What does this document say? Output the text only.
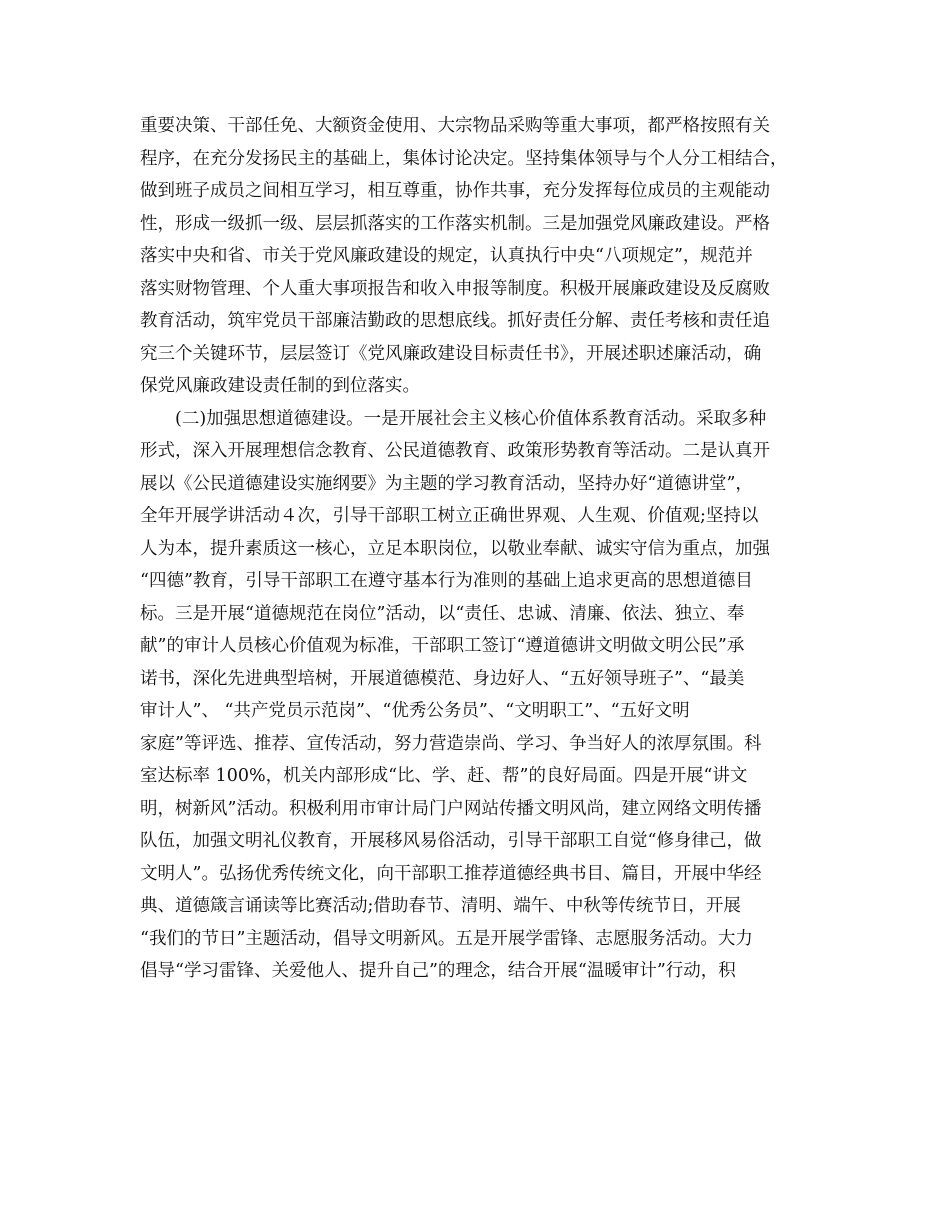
重要决策、干部任免、大额资金使用、大宗物品采购等重大事项，都严格按照有关
程序，在充分发扬民主的基础上，集体讨论决定。坚持集体领导与个人分工相结合，
做到班子成员之间相互学习，相互尊重，协作共事，充分发挥每位成员的主观能动
性，形成一级抓一级、层层抓落实的工作落实机制。三是加强党风廉政建设。严格
落实中央和省、市关于党风廉政建设的规定，认真执行中央“八项规定”，规范并
落实财物管理、个人重大事项报告和收入申报等制度。积极开展廉政建设及反腐败
教育活动，筑牢党员干部廉洁勤政的思想底线。抓好责任分解、责任考核和责任追
究三个关键环节，层层签订《党风廉政建设目标责任书》，开展述职述廉活动，确
保党风廉政建设责任制的到位落实。
(二)加强思想道德建设。一是开展社会主义核心价值体系教育活动。采取多种
形式，深入开展理想信念教育、公民道德教育、政策形势教育等活动。二是认真开
展以《公民道德建设实施纲要》为主题的学习教育活动，坚持办好“道德讲堂”，
全年开展学讲活动４次，引导干部职工树立正确世界观、人生观、价值观;坚持以
人为本，提升素质这一核心，立足本职岗位，以敬业奉献、诚实守信为重点，加强
“四德”教育，引导干部职工在遵守基本行为准则的基础上追求更高的思想道德目
标。三是开展“道德规范在岗位”活动，以“责任、忠诚、清廉、依法、独立、奉
献”的审计人员核心价值观为标准，干部职工签订“遵道德讲文明做文明公民”承
诺书，深化先进典型培树，开展道德模范、身边好人、“五好领导班子”、“最美
审计人”、 “共产党员示范岗”、“优秀公务员”、“文明职工”、“五好文明
家庭”等评选、推荐、宣传活动，努力营造崇尚、学习、争当好人的浓厚氛围。科
室达标率 100%，机关内部形成“比、学、赶、帮”的良好局面。四是开展“讲文
明，树新风”活动。积极利用市审计局门户网站传播文明风尚，建立网络文明传播
队伍，加强文明礼仪教育，开展移风易俗活动，引导干部职工自觉“修身律己，做
文明人”。弘扬优秀传统文化，向干部职工推荐道德经典书目、篇目，开展中华经
典、道德箴言诵读等比赛活动;借助春节、清明、端午、中秋等传统节日，开展
“我们的节日”主题活动，倡导文明新风。五是开展学雷锋、志愿服务活动。大力
倡导“学习雷锋、关爱他人、提升自己”的理念，结合开展“温暖审计”行动，积
